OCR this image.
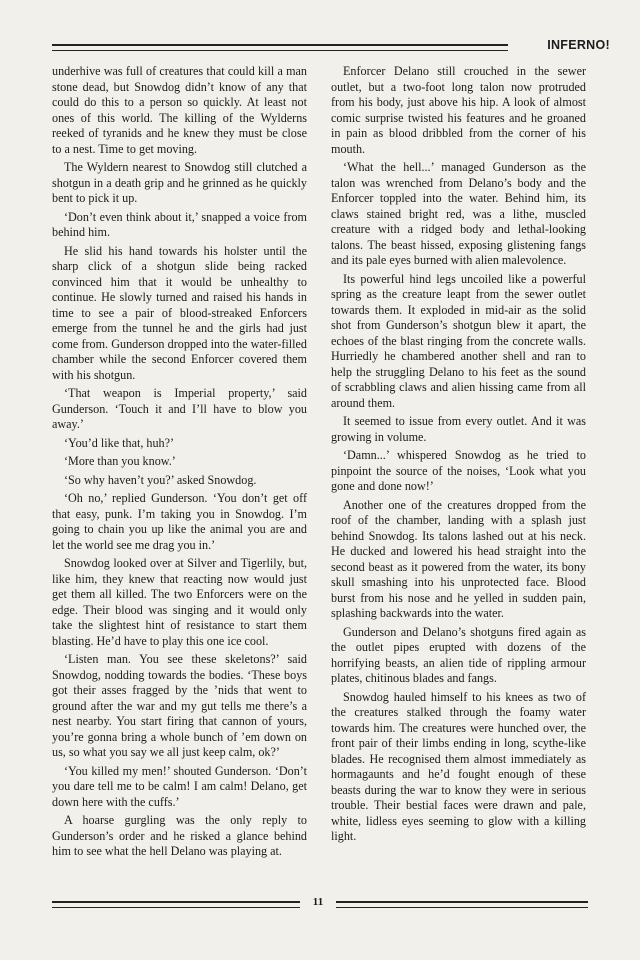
INFERNO!

underhive was full of creatures that could kill a man stone dead, but Snowdog didn’t know of any that could do this to a person so quickly. At least not ones of this world. The killing of the Wylderns reeked of tyranids and he knew they must be close to a nest. Time to get moving.

The Wyldern nearest to Snowdog still clutched a shotgun in a death grip and he grinned as he quickly bent to pick it up.

‘Don’t even think about it,’ snapped a voice from behind him.

He slid his hand towards his holster until the sharp click of a shotgun slide being racked convinced him that it would be unhealthy to continue. He slowly turned and raised his hands in time to see a pair of blood-streaked Enforcers emerge from the tunnel he and the girls had just come from. Gunderson dropped into the water-filled chamber while the second Enforcer covered them with his shotgun.

‘That weapon is Imperial property,’ said Gunderson. ‘Touch it and I’ll have to blow you away.’

‘You’d like that, huh?’

‘More than you know.’

‘So why haven’t you?’ asked Snowdog.

‘Oh no,’ replied Gunderson. ‘You don’t get off that easy, punk. I’m taking you in Snowdog. I’m going to chain you up like the animal you are and let the world see me drag you in.’

Snowdog looked over at Silver and Tigerlily, but, like him, they knew that reacting now would just get them all killed. The two Enforcers were on the edge. Their blood was singing and it would only take the slightest hint of resistance to start them blasting. He’d have to play this one ice cool.

‘Listen man. You see these skeletons?’ said Snowdog, nodding towards the bodies. ‘These boys got their asses fragged by the ’nids that went to ground after the war and my gut tells me there’s a nest nearby. You start firing that cannon of yours, you’re gonna bring a whole bunch of ’em down on us, so what you say we all just keep calm, ok?’

‘You killed my men!’ shouted Gunderson. ‘Don’t you dare tell me to be calm! I am calm! Delano, get down here with the cuffs.’

A hoarse gurgling was the only reply to Gunderson’s order and he risked a glance behind him to see what the hell Delano was playing at.

Enforcer Delano still crouched in the sewer outlet, but a two-foot long talon now protruded from his body, just above his hip. A look of almost comic surprise twisted his features and he groaned in pain as blood dribbled from the corner of his mouth.

‘What the hell...’ managed Gunderson as the talon was wrenched from Delano’s body and the Enforcer toppled into the water. Behind him, its claws stained bright red, was a lithe, muscled creature with a ridged body and lethal-looking talons. The beast hissed, exposing glistening fangs and its pale eyes burned with alien malevolence.

Its powerful hind legs uncoiled like a powerful spring as the creature leapt from the sewer outlet towards them. It exploded in mid-air as the solid shot from Gunderson’s shotgun blew it apart, the echoes of the blast ringing from the concrete walls. Hurriedly he chambered another shell and ran to help the struggling Delano to his feet as the sound of scrabbling claws and alien hissing came from all around them.

It seemed to issue from every outlet. And it was growing in volume.

‘Damn...’ whispered Snowdog as he tried to pinpoint the source of the noises, ‘Look what you gone and done now!’

Another one of the creatures dropped from the roof of the chamber, landing with a splash just behind Snowdog. Its talons lashed out at his neck. He ducked and lowered his head straight into the second beast as it powered from the water, its bony skull smashing into his unprotected face. Blood burst from his nose and he yelled in sudden pain, splashing backwards into the water.

Gunderson and Delano’s shotguns fired again as the outlet pipes erupted with dozens of the horrifying beasts, an alien tide of rippling armour plates, chitinous blades and fangs.

Snowdog hauled himself to his knees as two of the creatures stalked through the foamy water towards him. The creatures were hunched over, the front pair of their limbs ending in long, scythe-like blades. He recognised them almost immediately as hormagaunts and he’d fought enough of these beasts during the war to know they were in serious trouble. Their bestial faces were drawn and pale, white, lidless eyes seeming to glow with a killing light.

11
